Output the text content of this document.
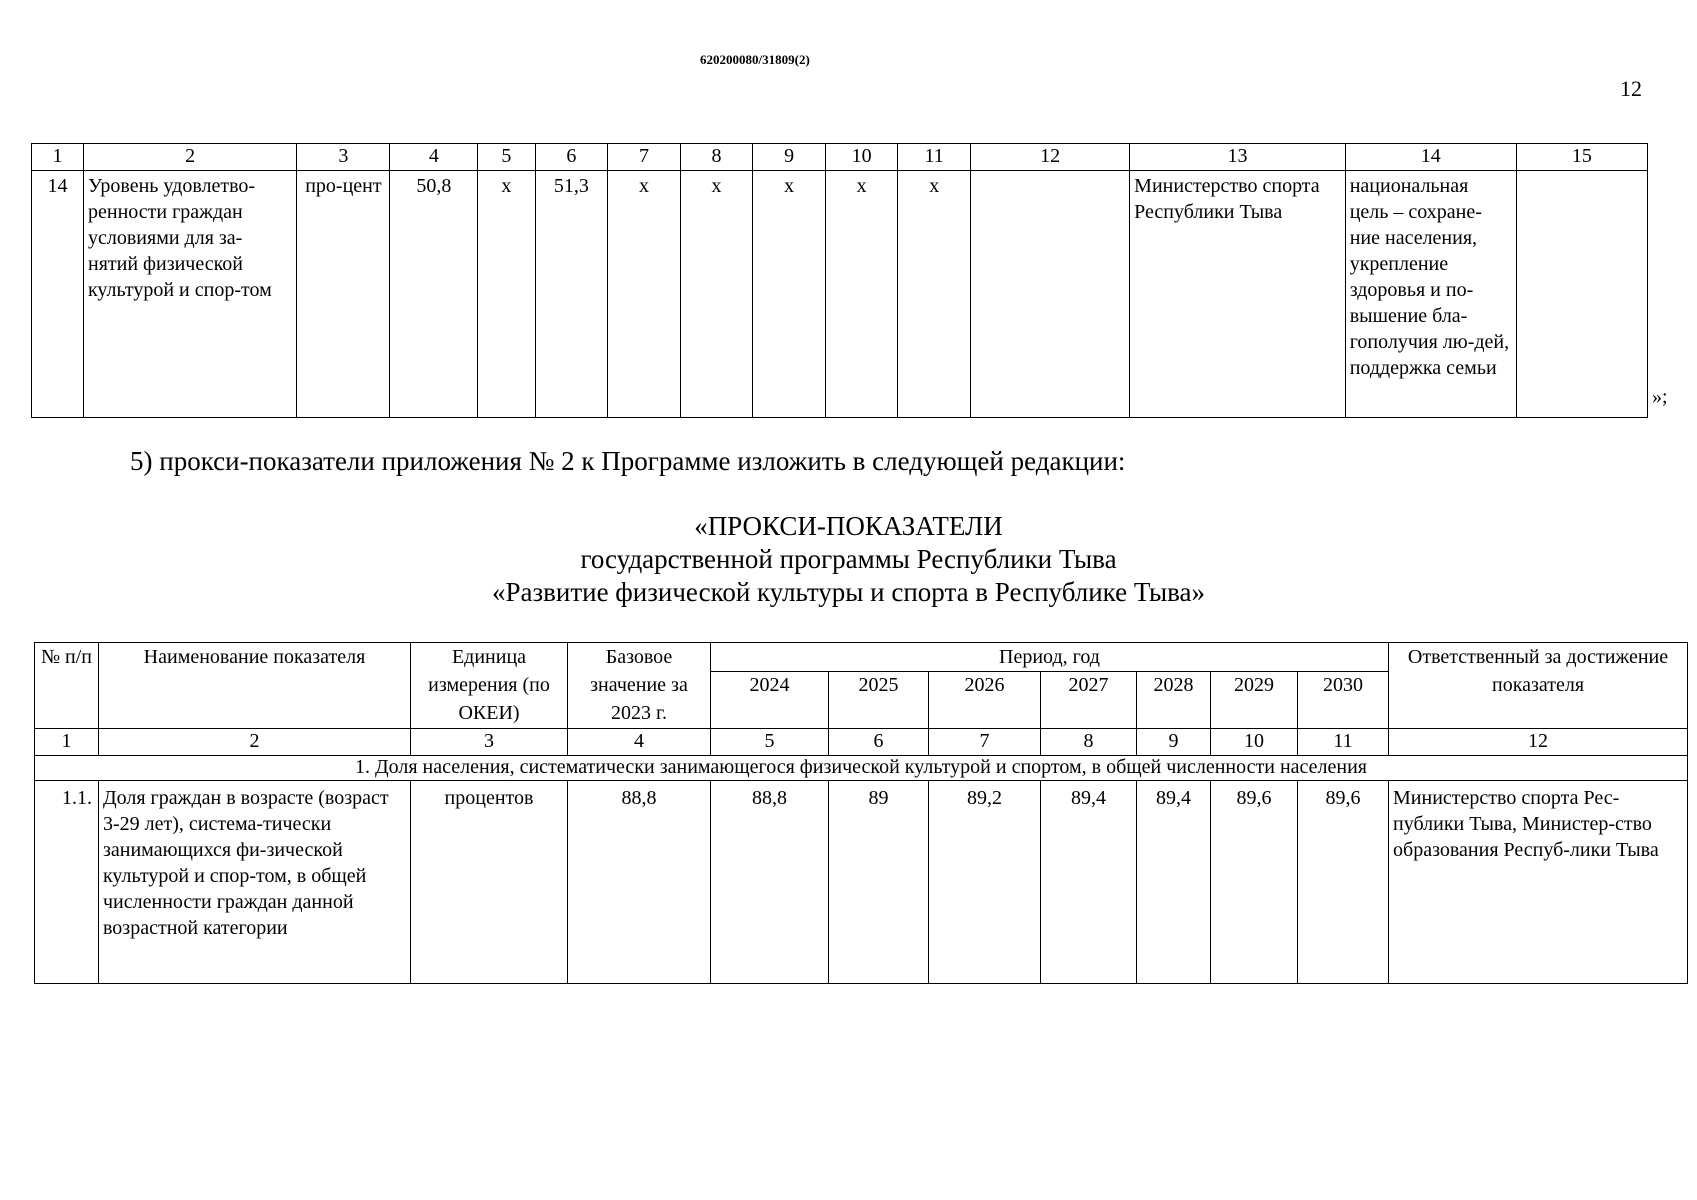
620200080/31809(2)
12
1	2	3	4	5	6	7	8	9	10	11	12	13	14	15
14	Уровень удовлетво-ренности граждан условиями для за-нятий физической культурой и спор-том	про-цент	50,8	x	51,3	x	x	x	x	x		Министерство спорта Республики Тыва	национальная цель – сохране-ние населения, укрепление здоровья и по-вышение бла-гополучия лю-дей, поддержка семьи	
»;
5) прокси-показатели приложения № 2 к Программе изложить в следующей редакции:
«ПРОКСИ-ПОКАЗАТЕЛИ
государственной программы Республики Тыва
«Развитие физической культуры и спорта в Республике Тыва»
№ п/п	Наименование показателя	Единица измерения (по ОКЕИ)	Базовое значение за 2023 г.	Период, год							Ответственный за достижение показателя
				2024	2025	2026	2027	2028	2029	2030	
1	2	3	4	5	6	7	8	9	10	11	12
1. Доля населения, систематически занимающегося физической культурой и спортом, в общей численности населения											
1.1.	Доля граждан в возрасте (возраст 3-29 лет), система-тически занимающихся фи-зической культурой и спор-том, в общей численности граждан данной возрастной категории	процентов	88,8	88,8	89	89,2	89,4	89,4	89,6	89,6	Министерство спорта Рес-публики Тыва, Министер-ство образования Респуб-лики Тыва
